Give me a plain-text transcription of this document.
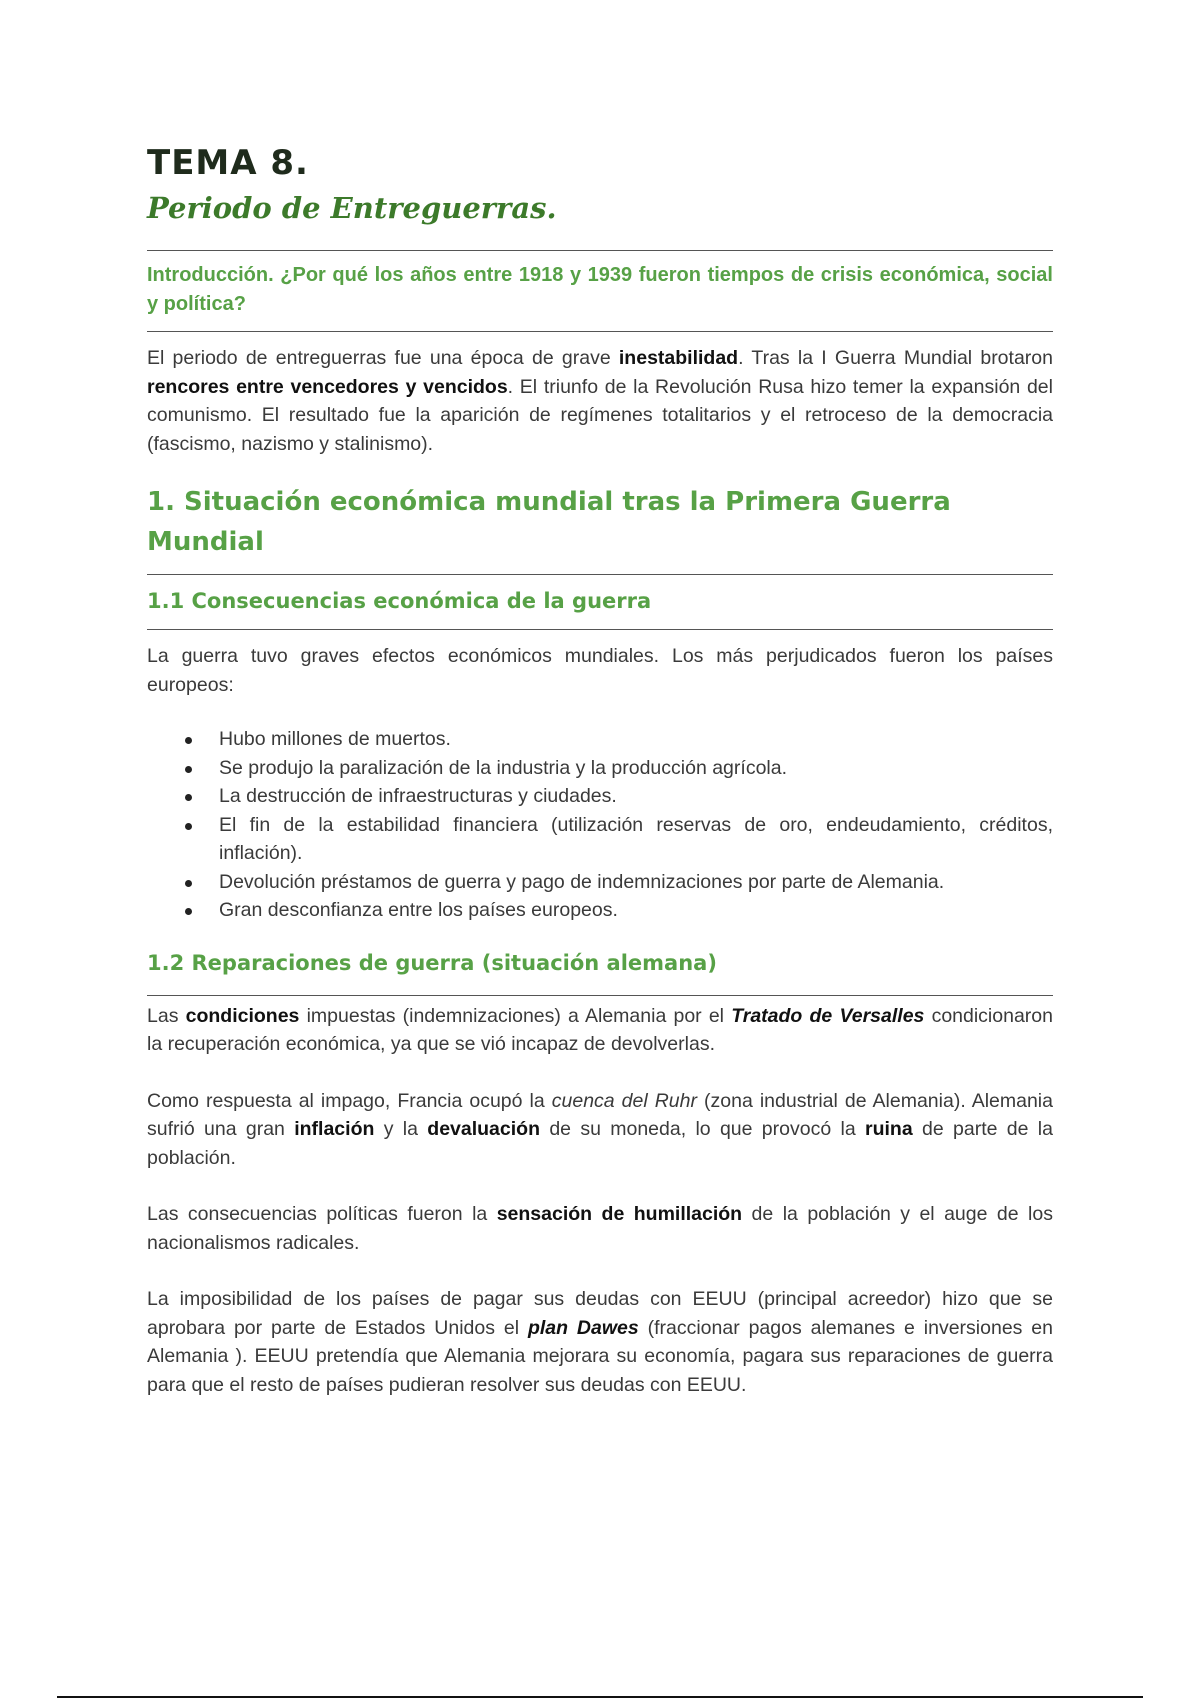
TEMA 8.
Periodo de Entreguerras.
Introducción. ¿Por qué los años entre 1918 y 1939 fueron tiempos de crisis económica, social y política?

El periodo de entreguerras fue una época de grave inestabilidad. Tras la I Guerra Mundial brotaron rencores entre vencedores y vencidos. El triunfo de la Revolución Rusa hizo temer la expansión del comunismo. El resultado fue la aparición de regímenes totalitarios y el retroceso de la democracia (fascismo, nazismo y stalinismo).

1. Situación económica mundial tras la Primera Guerra Mundial
1.1 Consecuencias económica de la guerra

La guerra tuvo graves efectos económicos mundiales. Los más perjudicados fueron los países europeos:

Hubo millones de muertos.
Se produjo la paralización de la industria y la producción agrícola.
La destrucción de infraestructuras y ciudades.
El fin de la estabilidad financiera (utilización reservas de oro, endeudamiento, créditos, inflación).
Devolución préstamos de guerra y pago de indemnizaciones por parte de Alemania.
Gran desconfianza entre los países europeos.
1.2 Reparaciones de guerra (situación alemana)

Las condiciones impuestas (indemnizaciones) a Alemania por el Tratado de Versalles condicionaron la recuperación económica, ya que se vió incapaz de devolverlas.

Como respuesta al impago, Francia ocupó la cuenca del Ruhr (zona industrial de Alemania). Alemania sufrió una gran inflación y la devaluación de su moneda, lo que provocó la ruina de parte de la población.

Las consecuencias políticas fueron la sensación de humillación de la población y el auge de los nacionalismos radicales.

La imposibilidad de los países de pagar sus deudas con EEUU (principal acreedor) hizo que se aprobara por parte de Estados Unidos el plan Dawes (fraccionar pagos alemanes e inversiones en Alemania ). EEUU pretendía que Alemania mejorara su economía, pagara sus reparaciones de guerra para que el resto de países pudieran resolver sus deudas con EEUU.
